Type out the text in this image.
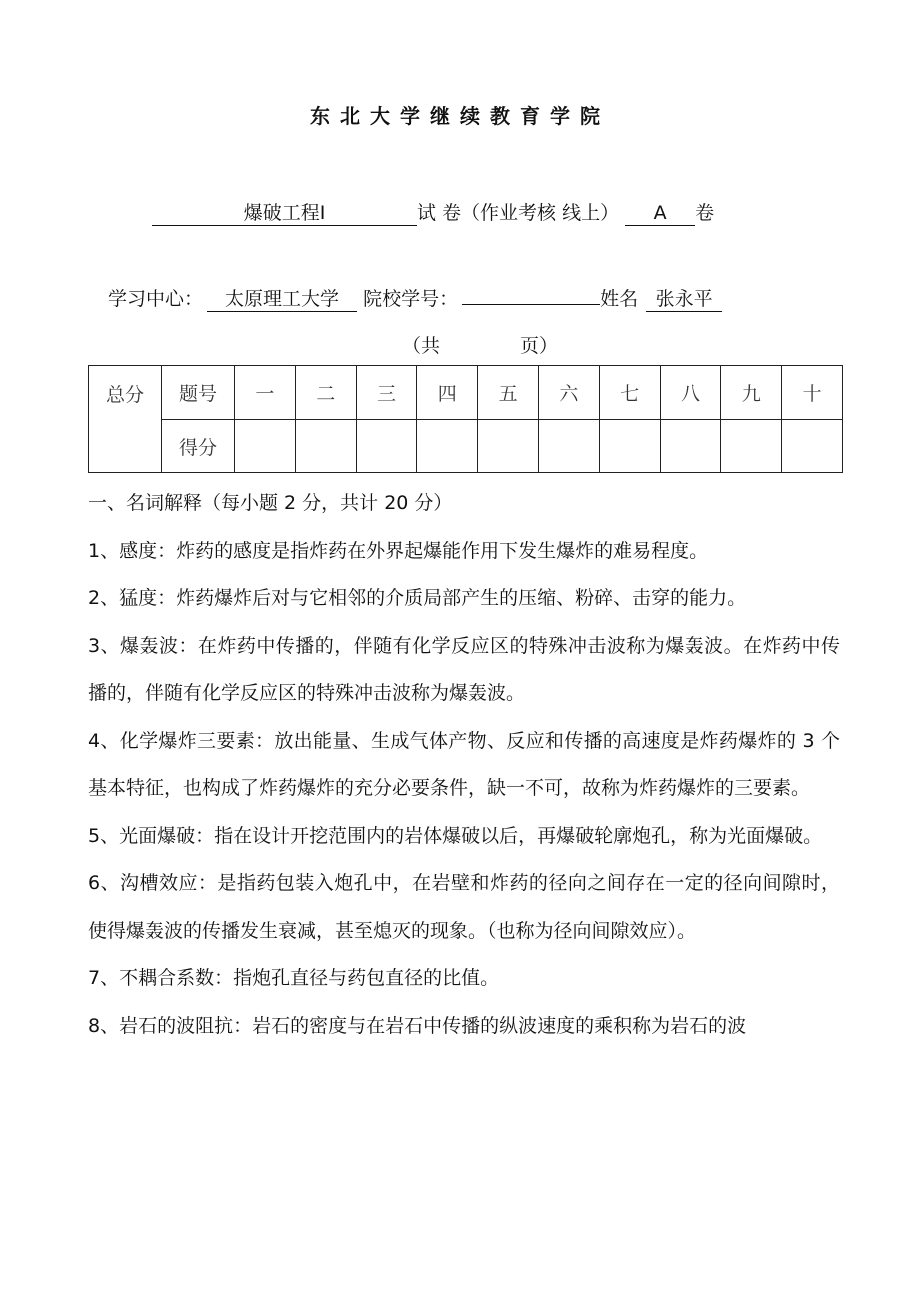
东北大学继续教育学院
爆破工程Ⅰ	试 卷（作业考核 线上） A 卷
学习中心： 太原理工大学 院校学号：	姓名 张永平
（共	页）
总分	题号	一	二	三	四	五	六	七	八	九	十
	得分										

一、名词解释（每小题 2 分，共计 20 分）

1、感度：炸药的感度是指炸药在外界起爆能作用下发生爆炸的难易程度。

2、猛度：炸药爆炸后对与它相邻的介质局部产生的压缩、粉碎、击穿的能力。

3、爆轰波：在炸药中传播的，伴随有化学反应区的特殊冲击波称为爆轰波。在炸药中传播的，伴随有化学反应区的特殊冲击波称为爆轰波。

4、化学爆炸三要素：放出能量、生成气体产物、反应和传播的高速度是炸药爆炸的 3 个基本特征，也构成了炸药爆炸的充分必要条件，缺一不可，故称为炸药爆炸的三要素。

5、光面爆破：指在设计开挖范围内的岩体爆破以后，再爆破轮廓炮孔，称为光面爆破。

6、沟槽效应：是指药包装入炮孔中，在岩壁和炸药的径向之间存在一定的径向间隙时，使得爆轰波的传播发生衰减，甚至熄灭的现象。（也称为径向间隙效应）。

7、不耦合系数：指炮孔直径与药包直径的比值。

8、岩石的波阻抗：岩石的密度与在岩石中传播的纵波速度的乘积称为岩石的波
